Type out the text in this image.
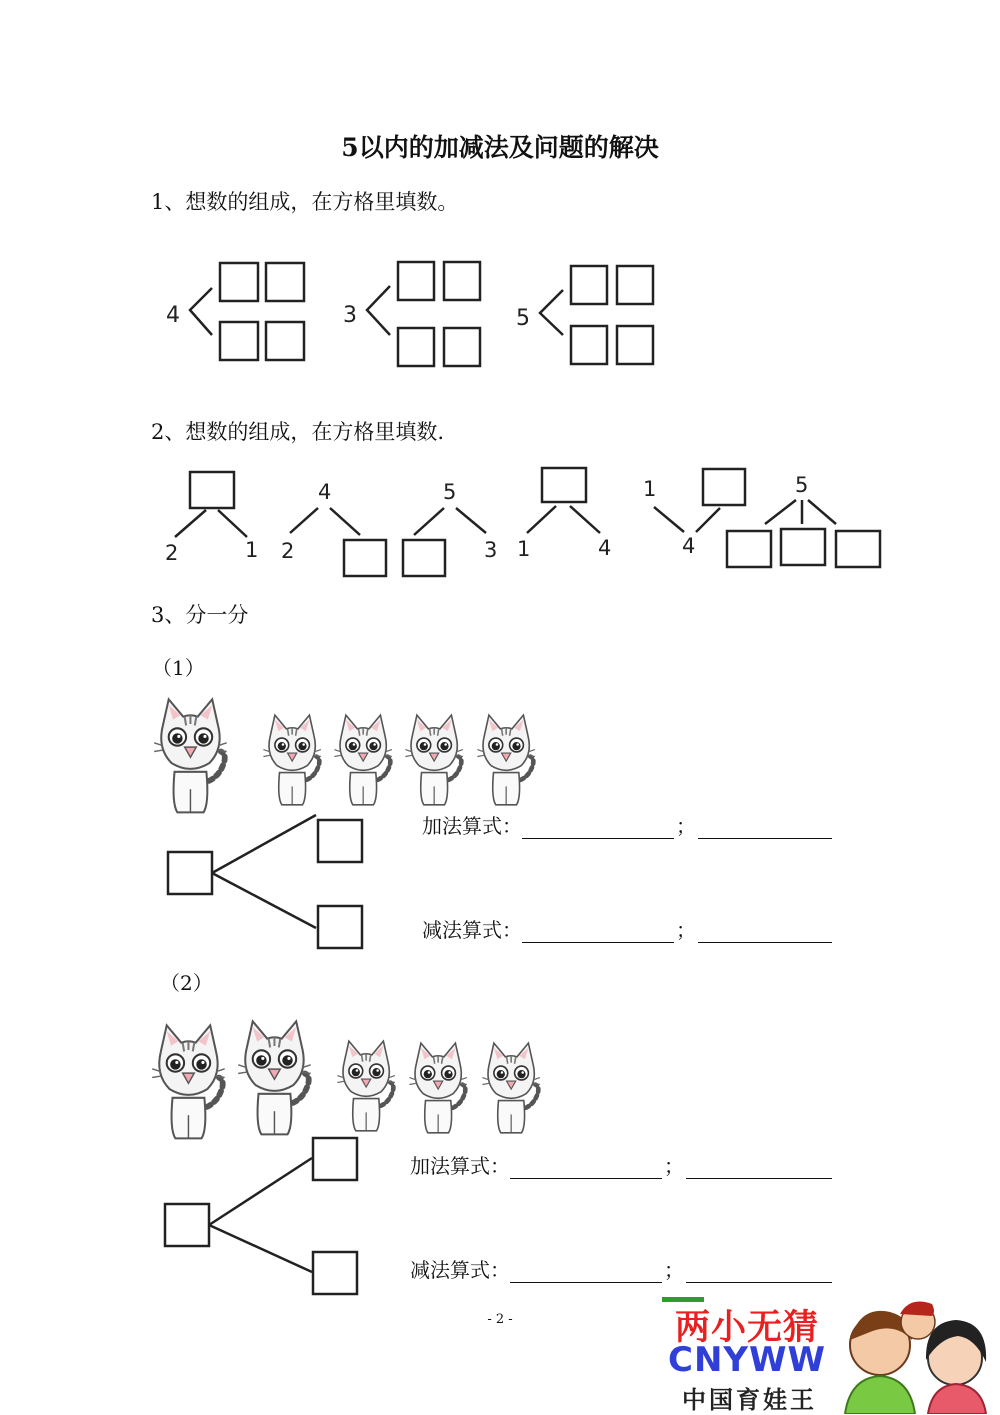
5以内的加减法及问题的解决
1、想数的组成，在方格里填数。
4	3	5
2	1
4
2
5
3 1	4
1
4
5
2、想数的组成，在方格里填数.
3、分一分
（1）
加法算式：	；
减法算式：	；
（2）
加法算式：	；
减法算式：	；
- 2 -	两小无猜
CNYWW
中国育娃王
